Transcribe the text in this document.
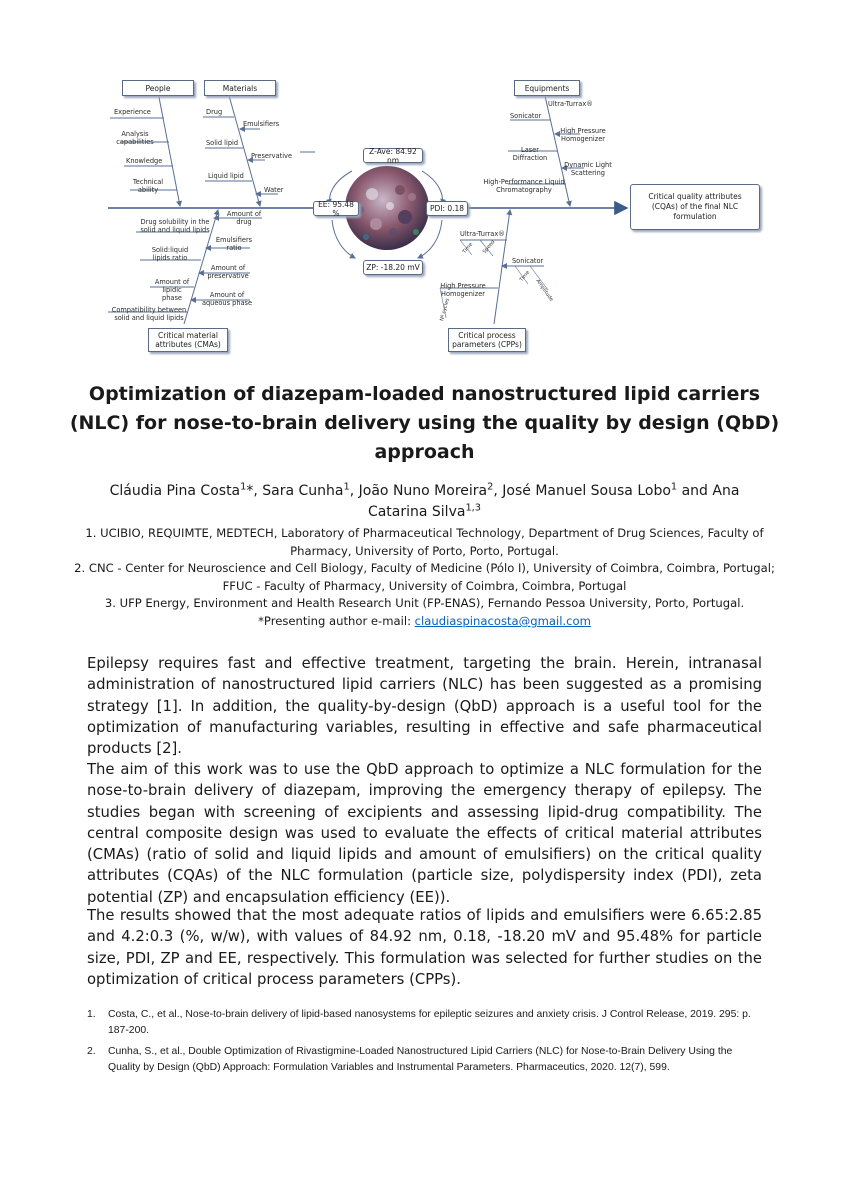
People	Materials	Equipments
Critical material attributes (CMAs)
Critical process parameters (CPPs)
Z-Ave: 84.92 nm
EE: 95.48 %	PDI: 0.18
ZP: -18.20 mV
Critical quality attributes (CQAs) of the final NLC formulation
Experience
Analysis capabilities
Knowledge
Technical ability
Drug
Emulsifiers
Solid lipid
Preservative
Liquid lipid
Water
Ultra-Turrax®
Sonicator
High Pressure Homogenizer
Laser Diffraction
Dynamic Light Scattering
High-Performance Liquid Chromatography
Drug solubility in the solid and liquid lipids
Solid:liquid lipids ratio
Amount of lipidic phase
Compatibility between solid and liquid lipids
Amount of drug
Emulsifiers ratio
Amount of preservative
Amount of aqueous phase
Ultra-Turrax®
Sonicator
High Pressure Homogenizer
Time Speed
Time
Amplitude
Nº cycles
Optimization of diazepam-loaded nanostructured lipid carriers (NLC) for nose-to-brain delivery using the quality by design (QbD) approach
Cláudia Pina Costa$^1$*, Sara Cunha$^1$, João Nuno Moreira$^2$, José Manuel Sousa Lobo$^1$ and Ana Catarina Silva$^{1,3}$
1. UCIBIO, REQUIMTE, MEDTECH, Laboratory of Pharmaceutical Technology, Department of Drug Sciences, Faculty of Pharmacy, University of Porto, Porto, Portugal.
2. CNC - Center for Neuroscience and Cell Biology, Faculty of Medicine (Pólo I), University of Coimbra, Coimbra, Portugal; FFUC - Faculty of Pharmacy, University of Coimbra, Coimbra, Portugal
3. UFP Energy, Environment and Health Research Unit (FP-ENAS), Fernando Pessoa University, Porto, Portugal.
*Presenting author e-mail: claudiaspinacosta@gmail.com
Epilepsy requires fast and effective treatment, targeting the brain. Herein, intranasal administration of nanostructured lipid carriers (NLC) has been suggested as a promising strategy [1]. In addition, the quality-by-design (QbD) approach is a useful tool for the optimization of manufacturing variables, resulting in effective and safe pharmaceutical products [2].
The aim of this work was to use the QbD approach to optimize a NLC formulation for the nose-to-brain delivery of diazepam, improving the emergency therapy of epilepsy. The studies began with screening of excipients and assessing lipid-drug compatibility. The central composite design was used to evaluate the effects of critical material attributes (CMAs) (ratio of solid and liquid lipids and amount of emulsifiers) on the critical quality attributes (CQAs) of the NLC formulation (particle size, polydispersity index (PDI), zeta potential (ZP) and encapsulation efficiency (EE)).
The results showed that the most adequate ratios of lipids and emulsifiers were 6.65:2.85 and 4.2:0.3 (%, w/w), with values of 84.92 nm, 0.18, -18.20 mV and 95.48% for particle size, PDI, ZP and EE, respectively. This formulation was selected for further studies on the optimization of critical process parameters (CPPs).
1. Costa, C., et al., Nose-to-brain delivery of lipid-based nanosystems for epileptic seizures and anxiety crisis. J Control Release, 2019. 295: p. 187-200.
2. Cunha, S., et al., Double Optimization of Rivastigmine-Loaded Nanostructured Lipid Carriers (NLC) for Nose-to-Brain Delivery Using the Quality by Design (QbD) Approach: Formulation Variables and Instrumental Parameters. Pharmaceutics, 2020. 12(7), 599.
